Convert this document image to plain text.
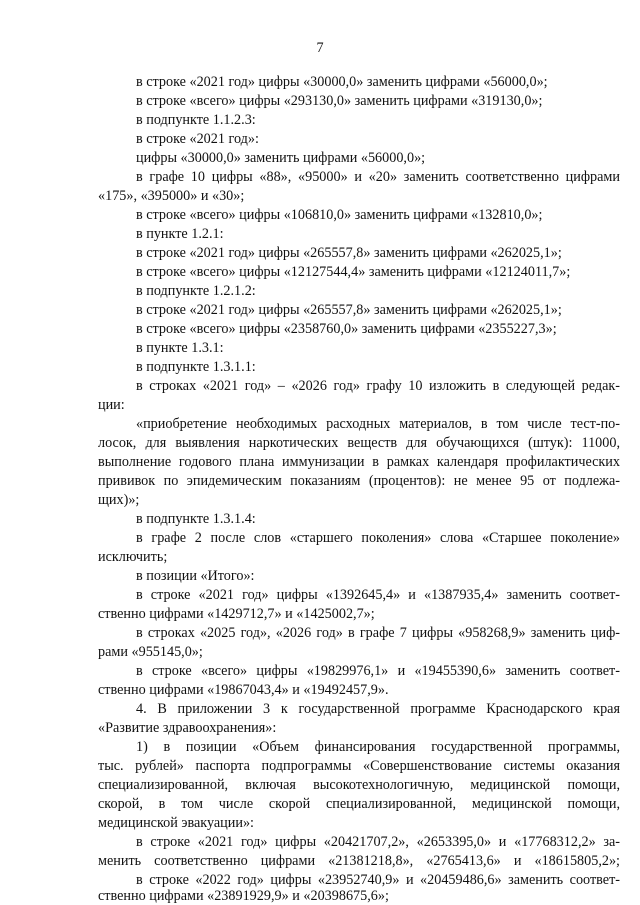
7
в строке «2021 год» цифры «30000,0» заменить цифрами «56000,0»;
в строке «всего» цифры «293130,0» заменить цифрами «319130,0»;
в подпункте 1.1.2.3:
в строке «2021 год»:
цифры «30000,0» заменить цифрами «56000,0»;
в графе 10 цифры «88», «95000» и «20» заменить соответственно цифрами
«175», «395000» и «30»;
в строке «всего» цифры «106810,0» заменить цифрами «132810,0»;
в пункте 1.2.1:
в строке «2021 год» цифры «265557,8» заменить цифрами «262025,1»;
в строке «всего» цифры «12127544,4» заменить цифрами «12124011,7»;
в подпункте 1.2.1.2:
в строке «2021 год» цифры «265557,8» заменить цифрами «262025,1»;
в строке «всего» цифры «2358760,0» заменить цифрами «2355227,3»;
в пункте 1.3.1:
в подпункте 1.3.1.1:
в строках «2021 год» – «2026 год» графу 10 изложить в следующей редак-
ции:
«приобретение необходимых расходных материалов, в том числе тест-по-
лосок, для выявления наркотических веществ для обучающихся (штук): 11000,
выполнение годового плана иммунизации в рамках календаря профилактических
прививок по эпидемическим показаниям (процентов): не менее 95 от подлежа-
щих)»;
в подпункте 1.3.1.4:
в графе 2 после слов «старшего поколения» слова «Старшее поколение»
исключить;
в позиции «Итого»:
в строке «2021 год» цифры «1392645,4» и «1387935,4» заменить соответ-
ственно цифрами «1429712,7» и «1425002,7»;
в строках «2025 год», «2026 год» в графе 7 цифры «958268,9» заменить циф-
рами «955145,0»;
в строке «всего» цифры «19829976,1» и «19455390,6» заменить соответ-
ственно цифрами «19867043,4» и «19492457,9».
4. В приложении 3 к государственной программе Краснодарского края
«Развитие здравоохранения»:
1) в позиции «Объем финансирования государственной программы,
тыс. рублей» паспорта подпрограммы «Совершенствование системы оказания
специализированной, включая высокотехнологичную, медицинской помощи,
скорой, в том числе скорой специализированной, медицинской помощи,
медицинской эвакуации»:
в строке «2021 год» цифры «20421707,2», «2653395,0» и «17768312,2» за-
менить соответственно цифрами «21381218,8», «2765413,6» и «18615805,2»;
в строке «2022 год» цифры «23952740,9» и «20459486,6» заменить соответ-
ственно цифрами «23891929,9» и «20398675,6»;
